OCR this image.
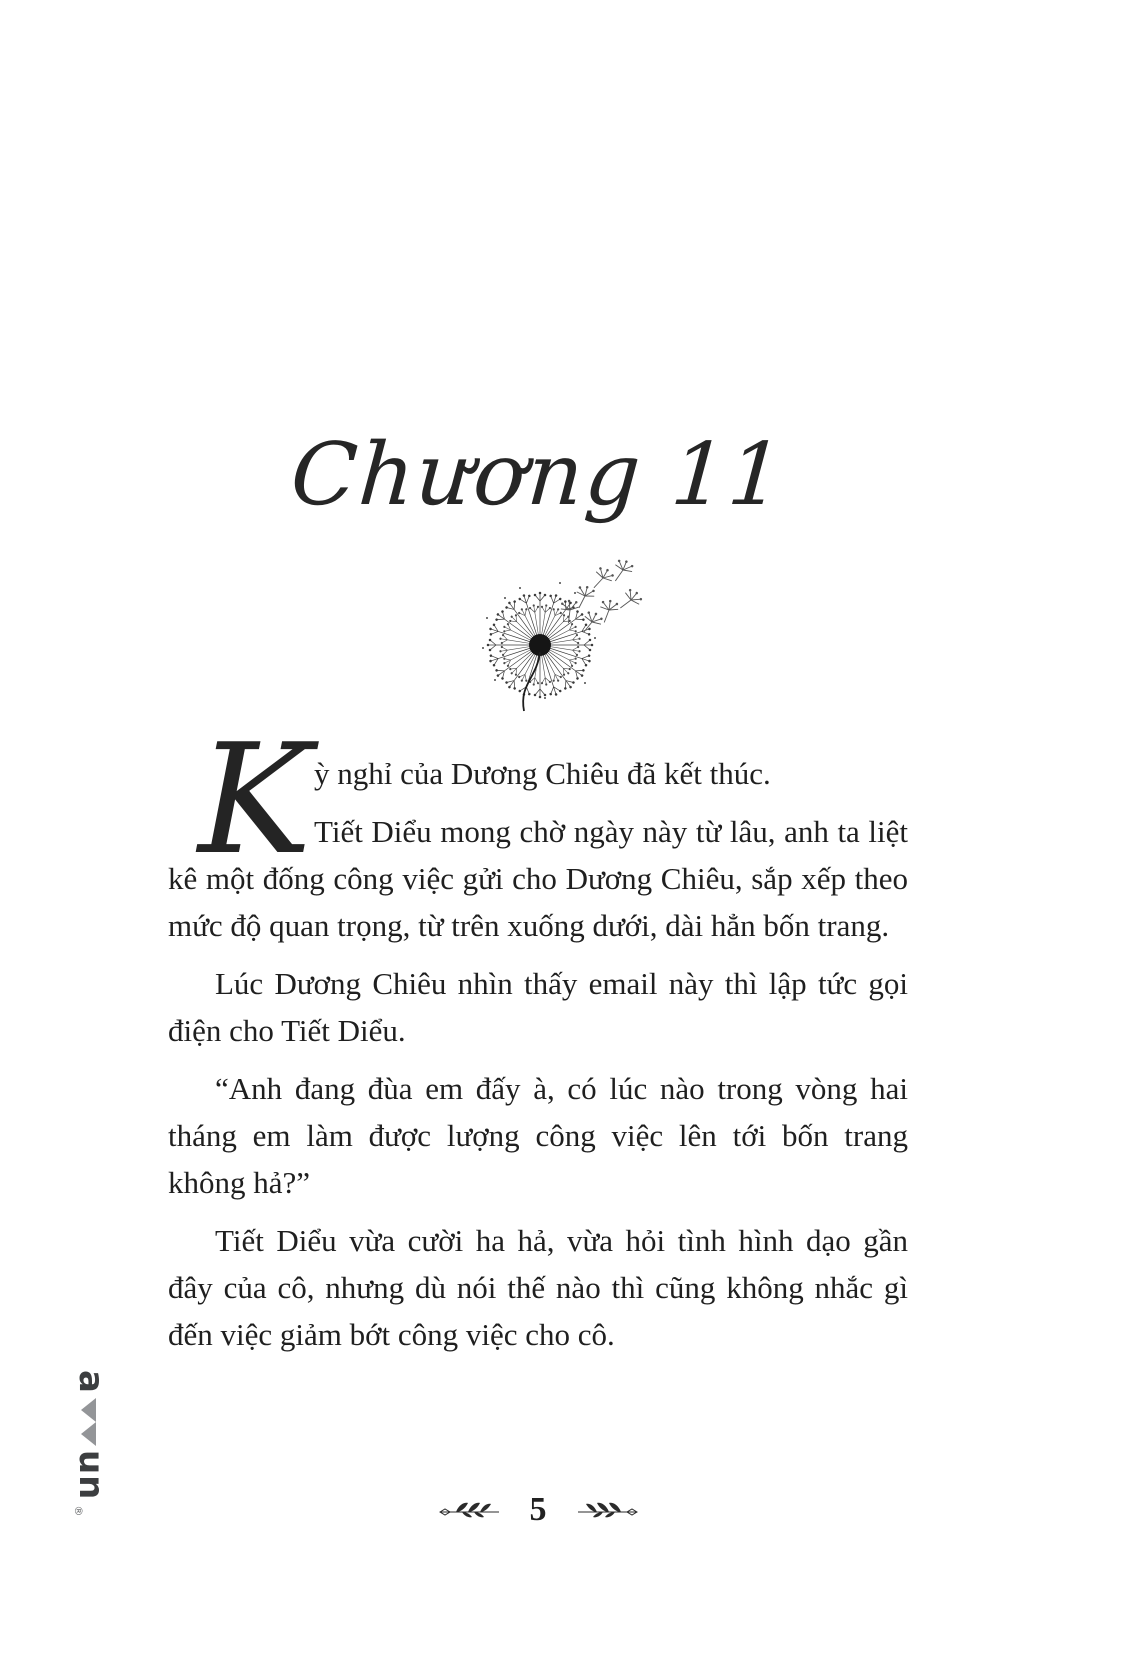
Chương 11
K ỳ nghỉ của Dương Chiêu đã kết thúc.
Tiết Diểu mong chờ ngày này từ lâu, anh ta liệt kê một đống công việc gửi cho Dương Chiêu, sắp xếp theo mức độ quan trọng, từ trên xuống dưới, dài hẳn bốn trang.
Lúc Dương Chiêu nhìn thấy email này thì lập tức gọi điện cho Tiết Diểu.
“Anh đang đùa em đấy à, có lúc nào trong vòng hai tháng em làm được lượng công việc lên tới bốn trang không hả?”
Tiết Diểu vừa cười ha hả, vừa hỏi tình hình dạo gần đây của cô, nhưng dù nói thế nào thì cũng không nhắc gì đến việc giảm bớt công việc cho cô.
5
a
un
®
